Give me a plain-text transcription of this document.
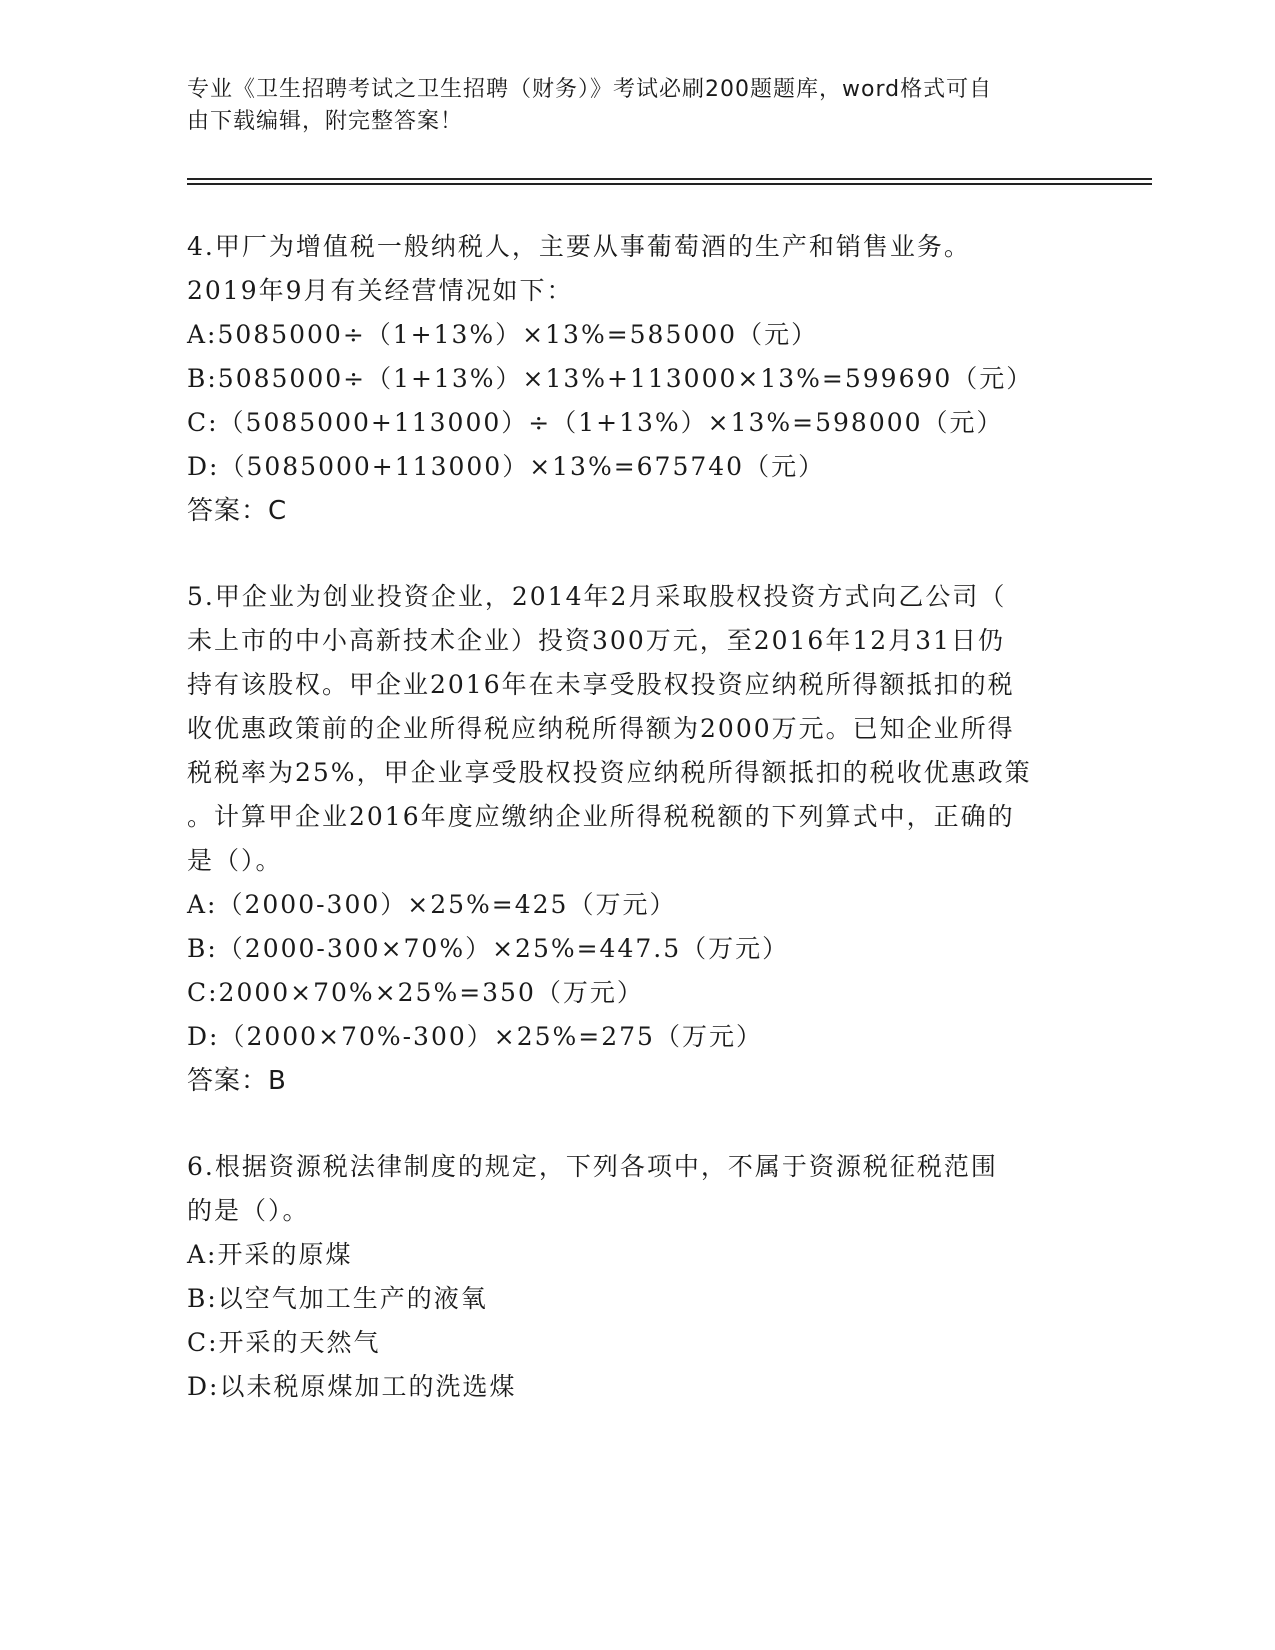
专业《卫生招聘考试之卫生招聘（财务）》考试必刷200题题库，word格式可自
由下载编辑，附完整答案！
4.甲厂为增值税一般纳税人，主要从事葡萄酒的生产和销售业务。
2019年9月有关经营情况如下：
A:5085000÷（1+13%）×13%=585000（元）
B:5085000÷（1+13%）×13%+113000×13%=599690（元）
C:（5085000+113000）÷（1+13%）×13%=598000（元）
D:（5085000+113000）×13%=675740（元）
答案：C
5.甲企业为创业投资企业，2014年2月采取股权投资方式向乙公司（
未上市的中小高新技术企业）投资300万元，至2016年12月31日仍
持有该股权。甲企业2016年在未享受股权投资应纳税所得额抵扣的税
收优惠政策前的企业所得税应纳税所得额为2000万元。已知企业所得
税税率为25%，甲企业享受股权投资应纳税所得额抵扣的税收优惠政策
。计算甲企业2016年度应缴纳企业所得税税额的下列算式中，正确的
是（）。
A:（2000-300）×25%=425（万元）
B:（2000-300×70%）×25%=447.5（万元）
C:2000×70%×25%=350（万元）
D:（2000×70%-300）×25%=275（万元）
答案：B
6.根据资源税法律制度的规定，下列各项中，不属于资源税征税范围
的是（）。
A:开采的原煤
B:以空气加工生产的液氧
C:开采的天然气
D:以未税原煤加工的洗选煤
